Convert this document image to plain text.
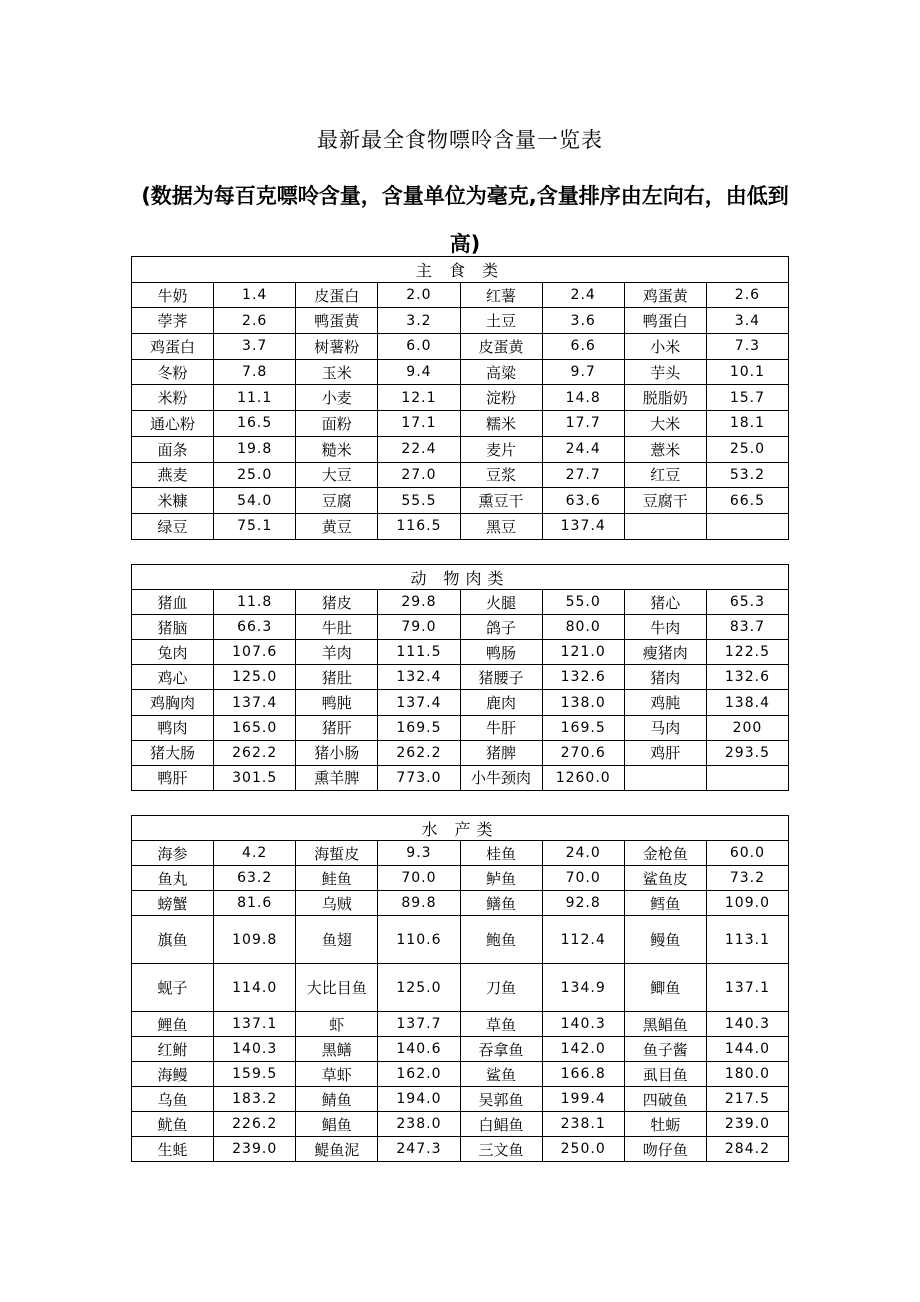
最新最全食物嘌呤含量一览表
(数据为每百克嘌呤含量，含量单位为毫克,含量排序由左向右，由低到高)
主 食 类							
牛奶	1.4	皮蛋白	2.0	红薯	2.4	鸡蛋黄	2.6
荸荠	2.6	鸭蛋黄	3.2	土豆	3.6	鸭蛋白	3.4
鸡蛋白	3.7	树薯粉	6.0	皮蛋黄	6.6	小米	7.3
冬粉	7.8	玉米	9.4	高粱	9.7	芋头	10.1
米粉	11.1	小麦	12.1	淀粉	14.8	脱脂奶	15.7
通心粉	16.5	面粉	17.1	糯米	17.7	大米	18.1
面条	19.8	糙米	22.4	麦片	24.4	薏米	25.0
燕麦	25.0	大豆	27.0	豆浆	27.7	红豆	53.2
米糠	54.0	豆腐	55.5	熏豆干	63.6	豆腐干	66.5
绿豆	75.1	黄豆	116.5	黑豆	137.4		
动 物肉类							
猪血	11.8	猪皮	29.8	火腿	55.0	猪心	65.3
猪脑	66.3	牛肚	79.0	鸽子	80.0	牛肉	83.7
兔肉	107.6	羊肉	111.5	鸭肠	121.0	瘦猪肉	122.5
鸡心	125.0	猪肚	132.4	猪腰子	132.6	猪肉	132.6
鸡胸肉	137.4	鸭肫	137.4	鹿肉	138.0	鸡肫	138.4
鸭肉	165.0	猪肝	169.5	牛肝	169.5	马肉	200
猪大肠	262.2	猪小肠	262.2	猪脾	270.6	鸡肝	293.5
鸭肝	301.5	熏羊脾	773.0	小牛颈肉	1260.0		
水 产类							
海参	4.2	海蜇皮	9.3	桂鱼	24.0	金枪鱼	60.0
鱼丸	63.2	鲑鱼	70.0	鲈鱼	70.0	鲨鱼皮	73.2
螃蟹	81.6	乌贼	89.8	鳝鱼	92.8	鳕鱼	109.0
旗鱼	109.8	鱼翅	110.6	鲍鱼	112.4	鳗鱼	113.1
蚬子	114.0	大比目鱼	125.0	刀鱼	134.9	鲫鱼	137.1
鲤鱼	137.1	虾	137.7	草鱼	140.3	黑鲳鱼	140.3
红鲋	140.3	黑鳝	140.6	吞拿鱼	142.0	鱼子酱	144.0
海鳗	159.5	草虾	162.0	鲨鱼	166.8	虱目鱼	180.0
乌鱼	183.2	鲭鱼	194.0	吴郭鱼	199.4	四破鱼	217.5
鱿鱼	226.2	鲳鱼	238.0	白鲳鱼	238.1	牡蛎	239.0
生蚝	239.0	鳀鱼泥	247.3	三文鱼	250.0	吻仔鱼	284.2
